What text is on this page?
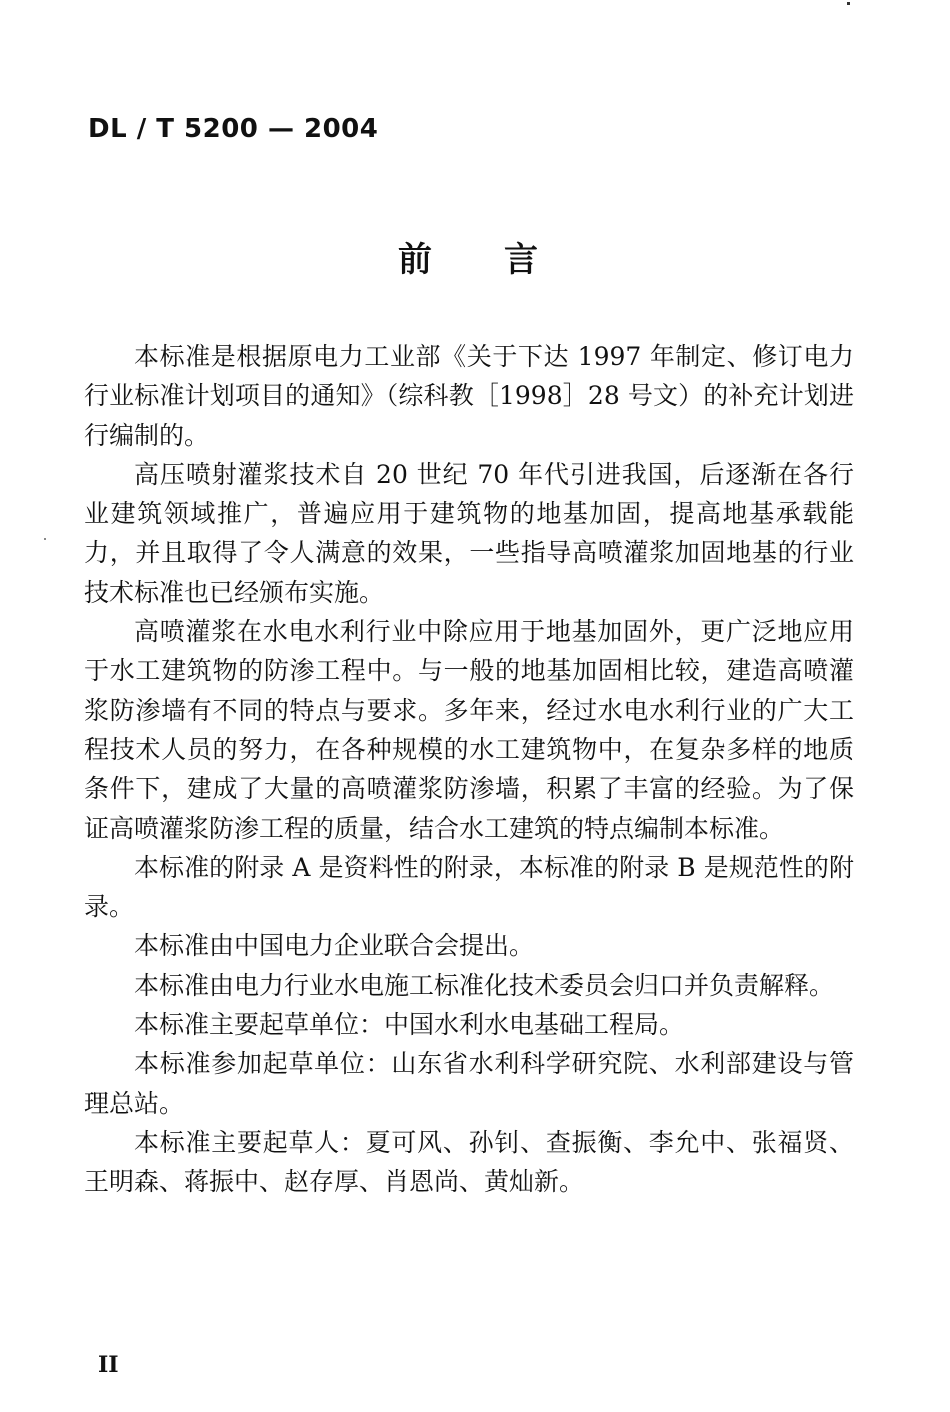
DL / T 5200 — 2004
前言

本标准是根据原电力工业部《关于下达 1997 年制定、修订电力行业标准计划项目的通知》（综科教［1998］28 号文）的补充计划进行编制的。

高压喷射灌浆技术自 20 世纪 70 年代引进我国，后逐渐在各行业建筑领域推广，普遍应用于建筑物的地基加固，提高地基承载能力，并且取得了令人满意的效果，一些指导高喷灌浆加固地基的行业技术标准也已经颁布实施。

高喷灌浆在水电水利行业中除应用于地基加固外，更广泛地应用于水工建筑物的防渗工程中。与一般的地基加固相比较，建造高喷灌浆防渗墙有不同的特点与要求。多年来，经过水电水利行业的广大工程技术人员的努力，在各种规模的水工建筑物中，在复杂多样的地质条件下，建成了大量的高喷灌浆防渗墙，积累了丰富的经验。为了保证高喷灌浆防渗工程的质量，结合水工建筑的特点编制本标准。

本标准的附录 A 是资料性的附录，本标准的附录 B 是规范性的附录。

本标准由中国电力企业联合会提出。

本标准由电力行业水电施工标准化技术委员会归口并负责解释。

本标准主要起草单位：中国水利水电基础工程局。

本标准参加起草单位：山东省水利科学研究院、水利部建设与管理总站。

本标准主要起草人：夏可风、孙钊、查振衡、李允中、张福贤、王明森、蒋振中、赵存厚、肖恩尚、黄灿新。

II
